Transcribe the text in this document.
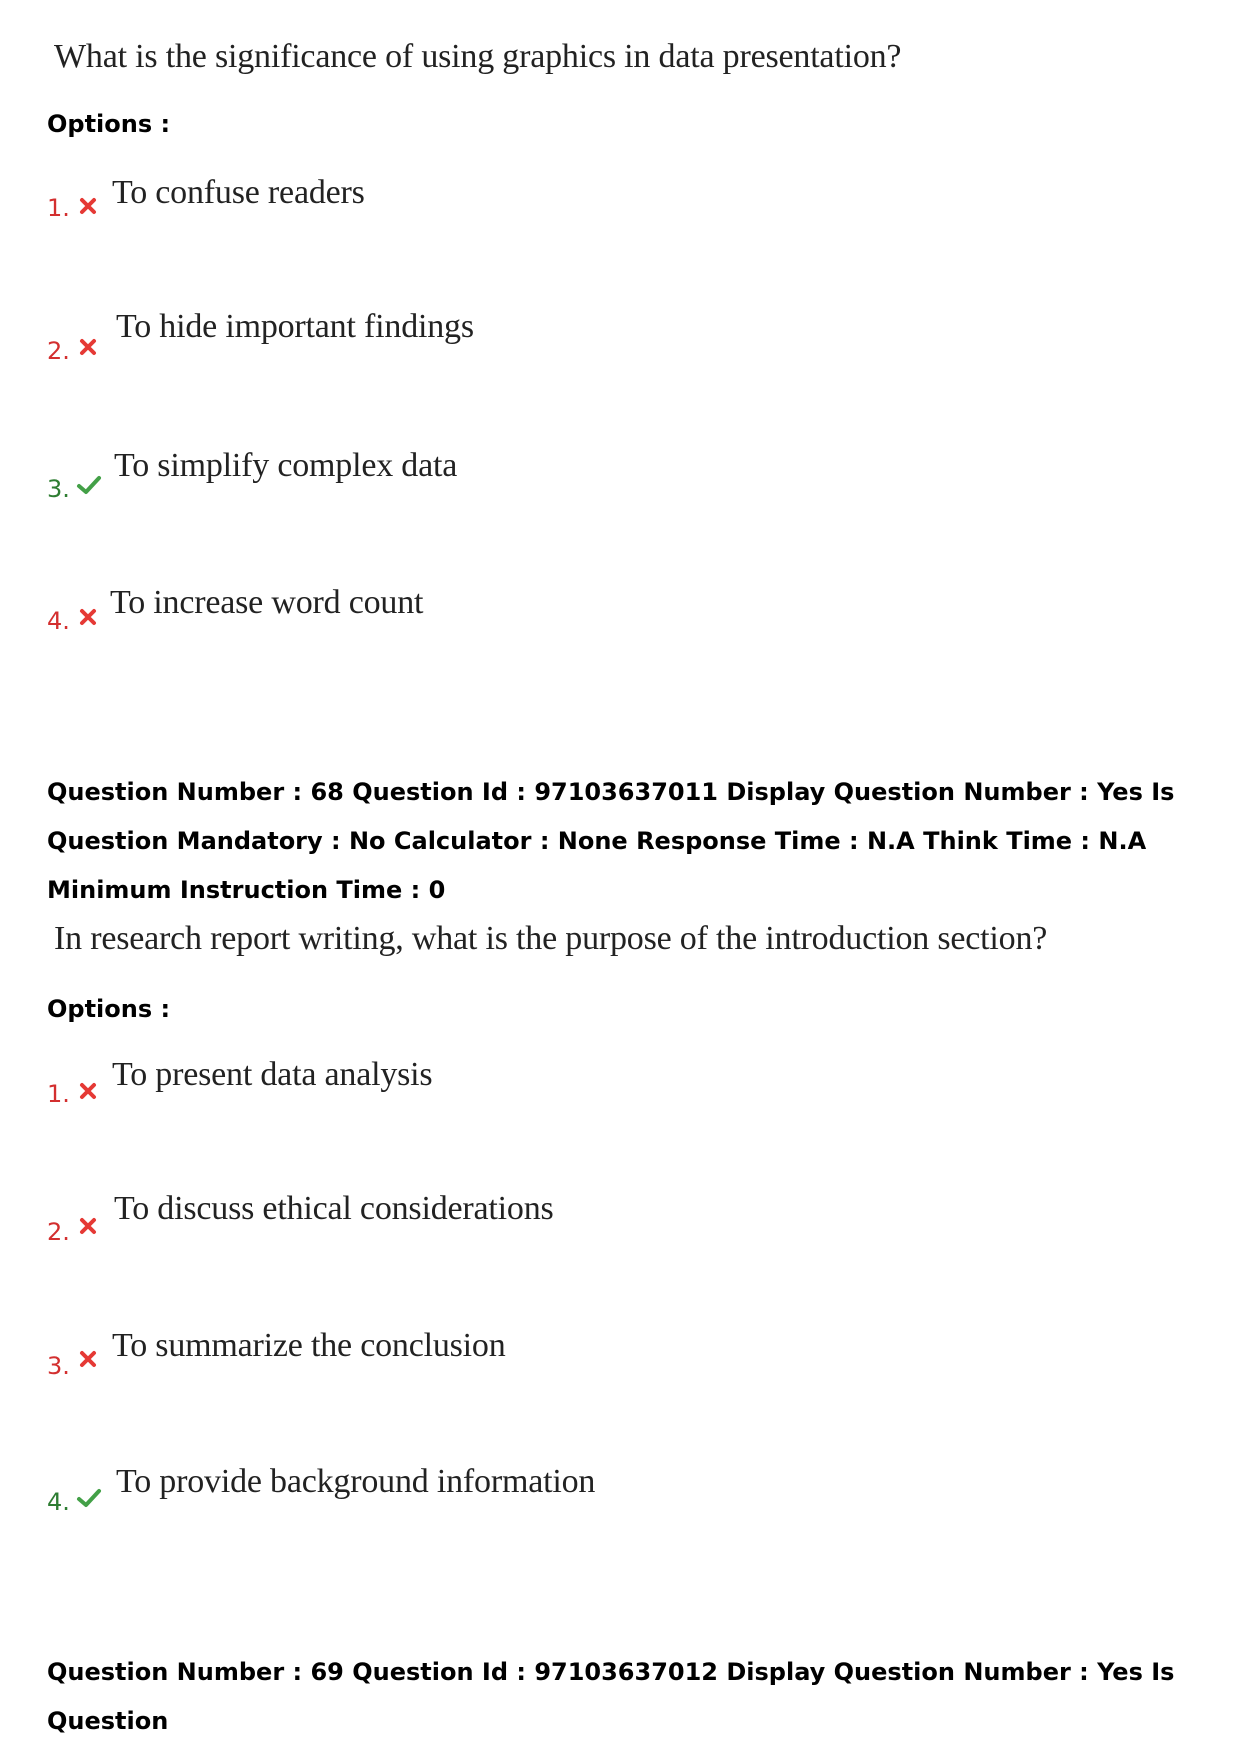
What is the significance of using graphics in data presentation?
Options :
1. To confuse readers
2.
To hide important findings
3.
To simplify complex data
4. To increase word count
Question Number : 68 Question Id : 97103637011 Display Question Number : Yes Is Question Mandatory : No Calculator : None Response Time : N.A Think Time : N.A Minimum Instruction Time : 0
In research report writing, what is the purpose of the introduction section?
Options :
1.
To present data analysis
2.
To discuss ethical considerations
3.
To summarize the conclusion
4.
To provide background information
Question Number : 69 Question Id : 97103637012 Display Question Number : Yes Is Question
